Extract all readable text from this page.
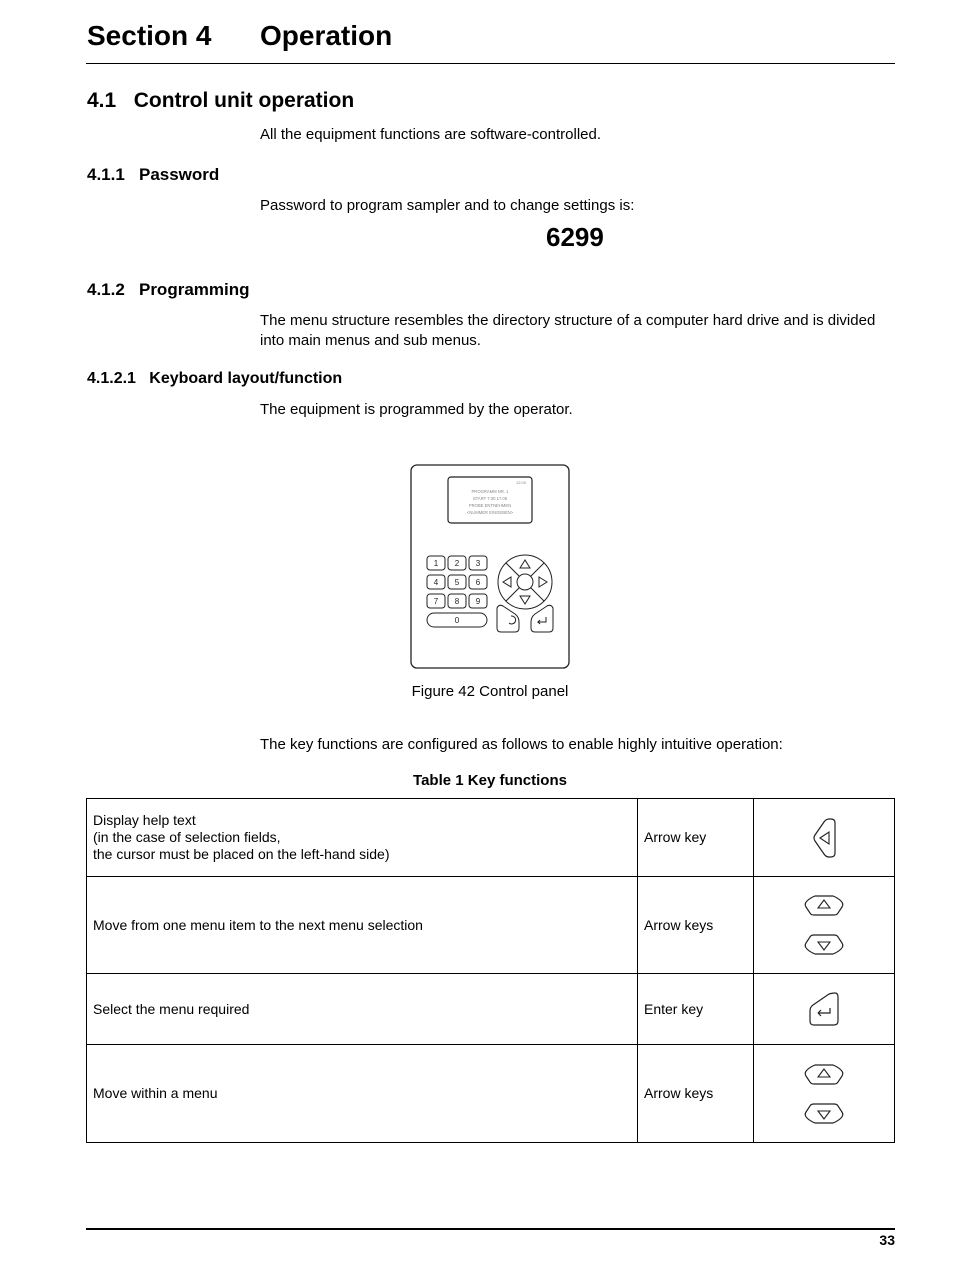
Section 4 Operation
4.1   Control unit operation
All the equipment functions are software-controlled.
4.1.1   Password
Password to program sampler and to change settings is:
6299
4.1.2   Programming
The menu structure resembles the directory structure of a computer hard drive and is divided into main menus and sub menus.
4.1.2.1   Keyboard layout/function
The equipment is programmed by the operator.
12:00
PROGRAMM NR. 1
START 7:30 17.08
PROBE ENTNEHMEN
<NUMMER EINGEBEN>
1 2 3
4 5 6
7 8 9
0
Figure 42 Control panel
The key functions are configured as follows to enable highly intuitive operation:
Table 1 Key functions
Display help text
(in the case of selection fields,
the cursor must be placed on the left-hand side)	Arrow key	

Move from one menu item to the next menu selection	Arrow keys	

Select the menu required	Enter key	

Move within a menu	Arrow keys	
33
